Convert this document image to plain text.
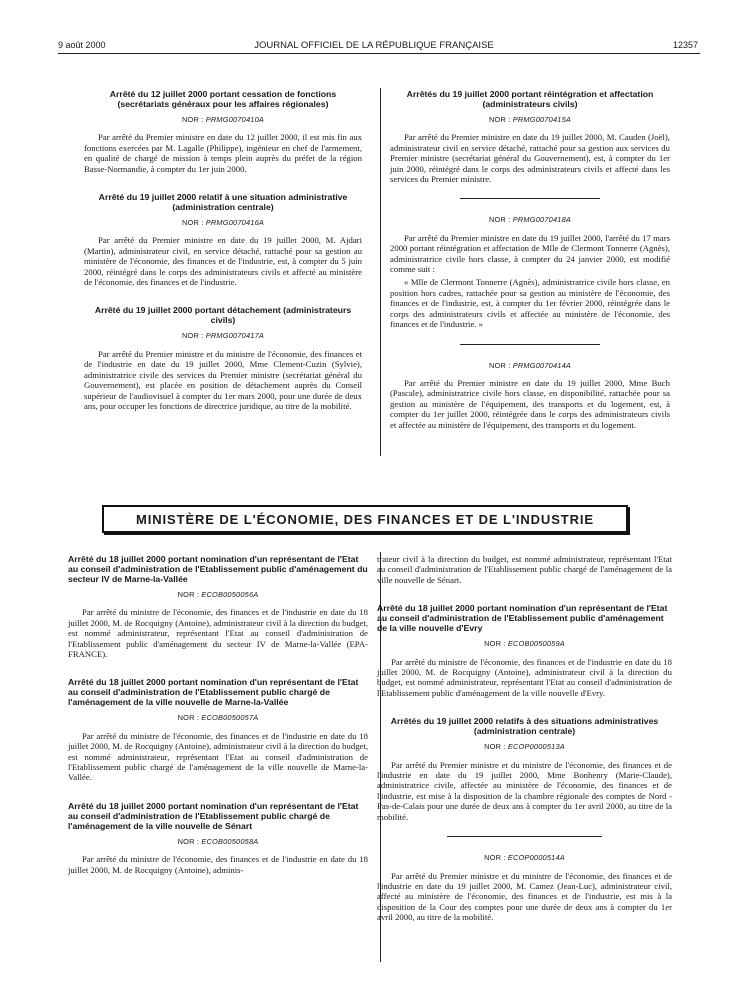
9 août 2000	JOURNAL OFFICIEL DE LA RÉPUBLIQUE FRANÇAISE	12357

Arrêté du 12 juillet 2000 portant cessation de fonctions (secrétariats généraux pour les affaires régionales)

NOR : PRMG0070410A

Par arrêté du Premier ministre en date du 12 juillet 2000, il est mis fin aux fonctions exercées par M. Lagalle (Philippe), ingénieur en chef de l'armement, en qualité de chargé de mission à temps plein auprès du préfet de la région Basse-Normandie, à compter du 1er juin 2000.

Arrêté du 19 juillet 2000 relatif à une situation administrative (administration centrale)

NOR : PRMG0070416A

Par arrêté du Premier ministre en date du 19 juillet 2000, M. Ajdari (Martin), administrateur civil, en service détaché, rattaché pour sa gestion au ministère de l'économie, des finances et de l'industrie, est, à compter du 5 juin 2000, réintégré dans le corps des administrateurs civils et affecté au ministère de l'économie, des finances et de l'industrie.

Arrêté du 19 juillet 2000 portant détachement (administrateurs civils)

NOR : PRMG0070417A

Par arrêté du Premier ministre et du ministre de l'économie, des finances et de l'industrie en date du 19 juillet 2000, Mme Clement-Cuzin (Sylvie), administratrice civile des services du Premier ministre (secrétariat général du Gouvernement), est placée en position de détachement auprès du Conseil supérieur de l'audiovisuel à compter du 1er mars 2000, pour une durée de deux ans, pour occuper les fonctions de directrice juridique, au titre de la mobilité.

Arrêtés du 19 juillet 2000 portant réintégration et affectation (administrateurs civils)

NOR : PRMG0070415A

Par arrêté du Premier ministre en date du 19 juillet 2000, M. Cauden (Joël), administrateur civil en service détaché, rattaché pour sa gestion aux services du Premier ministre (secrétariat général du Gouvernement), est, à compter du 1er juin 2000, réintégré dans le corps des administrateurs civils et affecté dans les services du Premier ministre.

NOR : PRMG0070418A

Par arrêté du Premier ministre en date du 19 juillet 2000, l'arrêté du 17 mars 2000 portant réintégration et affectation de Mlle de Clermont Tonnerre (Agnès), administratrice civile hors classe, à compter du 24 janvier 2000, est modifié comme suit :

« Mlle de Clermont Tonnerre (Agnès), administratrice civile hors classe, en position hors cadres, rattachée pour sa gestion au ministère de l'économie, des finances et de l'industrie, est, à compter du 1er février 2000, réintégrée dans le corps des administrateurs civils et affectée au ministère de l'économie, des finances et de l'industrie. »

NOR : PRMG0070414A

Par arrêté du Premier ministre en date du 19 juillet 2000, Mme Buch (Pascale), administratrice civile hors classe, en disponibilité, rattachée pour sa gestion au ministère de l'équipement, des transports et du logement, est, à compter du 1er juillet 2000, réintégrée dans le corps des administrateurs civils et affectée au ministère de l'équipement, des transports et du logement.

MINISTÈRE DE L'ÉCONOMIE, DES FINANCES ET DE L'INDUSTRIE

Arrêté du 18 juillet 2000 portant nomination d'un représentant de l'Etat au conseil d'administration de l'Etablissement public d'aménagement du secteur IV de Marne-la-Vallée

NOR : ECOB0050056A

Par arrêté du ministre de l'économie, des finances et de l'industrie en date du 18 juillet 2000, M. de Rocquigny (Antoine), administrateur civil à la direction du budget, est nommé administrateur, représentant l'Etat au conseil d'administration de l'Etablissement public d'aménagement du secteur IV de Marne-la-Vallée (EPA-FRANCE).

Arrêté du 18 juillet 2000 portant nomination d'un représentant de l'Etat au conseil d'administration de l'Etablissement public chargé de l'aménagement de la ville nouvelle de Marne-la-Vallée

NOR : ECOB0050057A

Par arrêté du ministre de l'économie, des finances et de l'industrie en date du 18 juillet 2000, M. de Rocquigny (Antoine), administrateur civil à la direction du budget, est nommé administrateur, représentant l'Etat au conseil d'administration de l'Etablissement public chargé de l'aménagement de la ville nouvelle de Marne-la-Vallée.

Arrêté du 18 juillet 2000 portant nomination d'un représentant de l'Etat au conseil d'administration de l'Etablissement public chargé de l'aménagement de la ville nouvelle de Sénart

NOR : ECOB0050058A

Par arrêté du ministre de l'économie, des finances et de l'industrie en date du 18 juillet 2000, M. de Rocquigny (Antoine), adminis-

trateur civil à la direction du budget, est nommé administrateur, représentant l'Etat au conseil d'administration de l'Etablissement public chargé de l'aménagement de la ville nouvelle de Sénart.

Arrêté du 18 juillet 2000 portant nomination d'un représentant de l'Etat au conseil d'administration de l'Etablissement public d'aménagement de la ville nouvelle d'Evry

NOR : ECOB0050059A

Par arrêté du ministre de l'économie, des finances et de l'industrie en date du 18 juillet 2000, M. de Rocquigny (Antoine), administrateur civil à la direction du budget, est nommé administrateur, représentant l'Etat au conseil d'administration de l'Etablissement public d'aménagement de la ville nouvelle d'Evry.

Arrêtés du 19 juillet 2000 relatifs à des situations administratives (administration centrale)

NOR : ECOP0000513A

Par arrêté du Premier ministre et du ministre de l'économie, des finances et de l'industrie en date du 19 juillet 2000, Mme Bonhenry (Marie-Claude), administratrice civile, affectée au ministère de l'économie, des finances et de l'industrie, est mise à la disposition de la chambre régionale des comptes de Nord - Pas-de-Calais pour une durée de deux ans à compter du 1er avril 2000, au titre de la mobilité.

NOR : ECOP0000514A

Par arrêté du Premier ministre et du ministre de l'économie, des finances et de l'industrie en date du 19 juillet 2000, M. Camez (Jean-Luc), administrateur civil, affecté au ministère de l'économie, des finances et de l'industrie, est mis à la disposition de la Cour des comptes pour une durée de deux ans à compter du 1er avril 2000, au titre de la mobilité.
